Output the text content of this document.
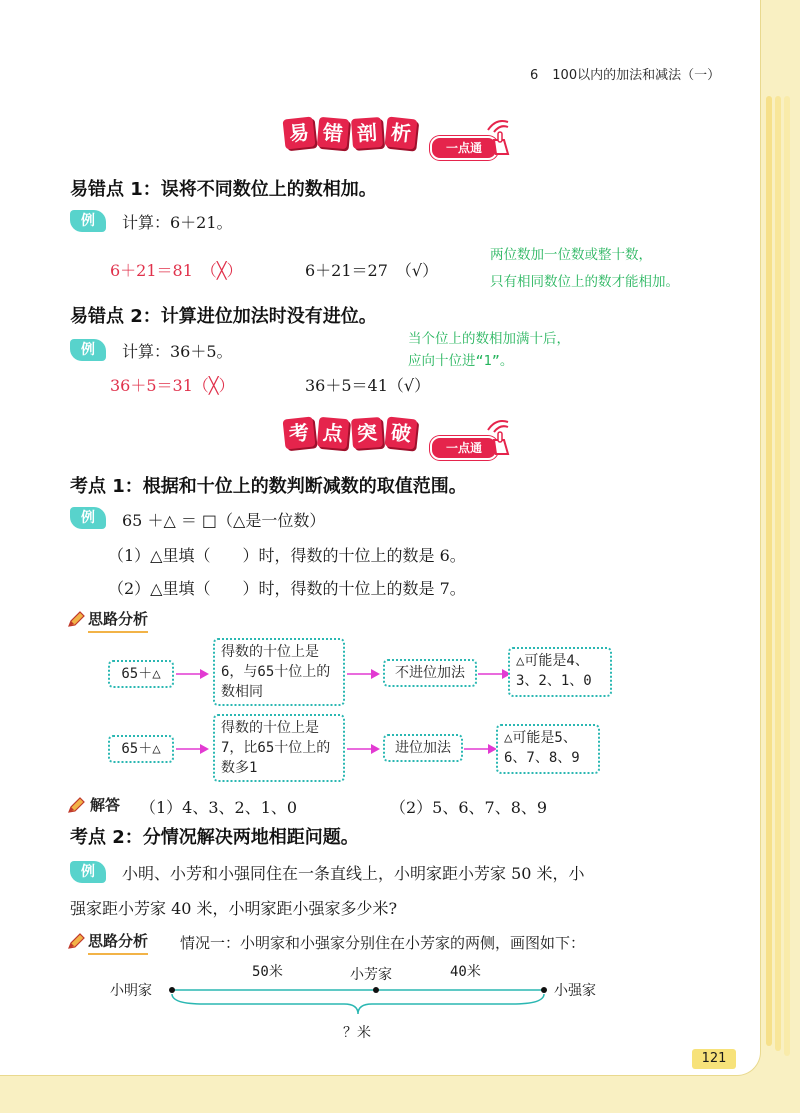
6 100以内的加法和减法（一）
易 错 剖 析
一点通
易错点 1：误将不同数位上的数相加。
例	计算：6＋21。
6＋21＝81　（╳）	6＋21＝27　（√）
两位数加一位数或整十数，
只有相同数位上的数才能相加。
易错点 2：计算进位加法时没有进位。
例	计算：36＋5。
当个位上的数相加满十后，
应向十位进“1”。
36＋5＝31（╳）	36＋5＝41（√）
考 点 突 破
一点通
考点 1：根据和十位上的数判断减数的取值范围。
例	65 ＋△ ＝ □（△是一位数）
（1）△里填（　　）时，得数的十位上的数是 6。
（2）△里填（　　）时，得数的十位上的数是 7。
思路分析
65＋△
得数的十位上是6，与65十位上的数相同
不进位加法
△可能是4、3、2、1、0
65＋△
得数的十位上是7，比65十位上的数多1
进位加法
△可能是5、6、7、8、9
解答 （1）4、3、2、1、0	（2）5、6、7、8、9
考点 2：分情况解决两地相距问题。
例	小明、小芳和小强同住在一条直线上，小明家距小芳家 50 米，小
强家距小芳家 40 米，小明家距小强家多少米?
思路分析 情况一：小明家和小强家分别住在小芳家的两侧，画图如下：
小明家	小强家
小芳家
50米	40米
？米
121
